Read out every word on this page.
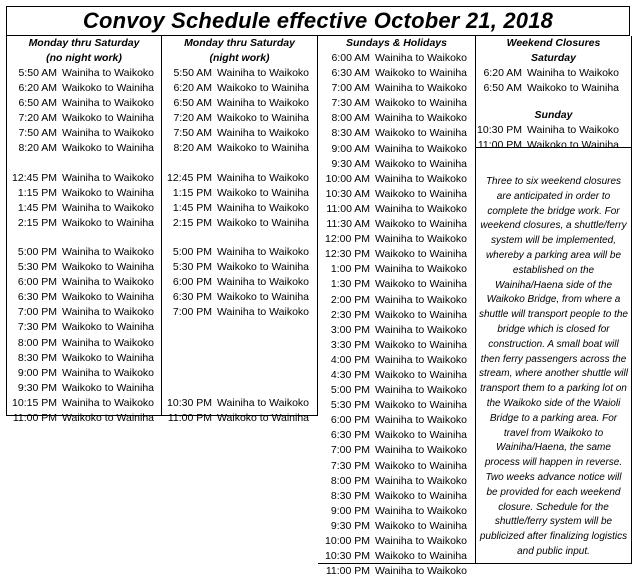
Convoy Schedule effective October 21, 2018
Monday thru Saturday
(no night work)
5:50 AM Wainiha to Waikoko
6:20 AM Waikoko to Wainiha
6:50 AM Wainiha to Waikoko
7:20 AM Waikoko to Wainiha
7:50 AM Wainiha to Waikoko
8:20 AM Waikoko to Wainiha
12:45 PM Wainiha to Waikoko
1:15 PM Waikoko to Wainiha
1:45 PM Wainiha to Waikoko
2:15 PM Waikoko to Wainiha
5:00 PM Wainiha to Waikoko
5:30 PM Waikoko to Wainiha
6:00 PM Wainiha to Waikoko
6:30 PM Waikoko to Wainiha
7:00 PM Wainiha to Waikoko
7:30 PM Waikoko to Wainiha
8:00 PM Wainiha to Waikoko
8:30 PM Waikoko to Wainiha
9:00 PM Wainiha to Waikoko
9:30 PM Waikoko to Wainiha
10:15 PM Wainiha to Waikoko
11:00 PM Waikoko to Wainiha
Monday thru Saturday
(night work)
5:50 AM Wainiha to Waikoko
6:20 AM Waikoko to Wainiha
6:50 AM Wainiha to Waikoko
7:20 AM Waikoko to Wainiha
7:50 AM Wainiha to Waikoko
8:20 AM Waikoko to Wainiha
12:45 PM Wainiha to Waikoko
1:15 PM Waikoko to Wainiha
1:45 PM Wainiha to Waikoko
2:15 PM Waikoko to Wainiha
5:00 PM Wainiha to Waikoko
5:30 PM Waikoko to Wainiha
6:00 PM Wainiha to Waikoko
6:30 PM Waikoko to Wainiha
7:00 PM Wainiha to Waikoko
10:30 PM Wainiha to Waikoko
11:00 PM Waikoko to Wainiha
Sundays & Holidays
6:00 AM Wainiha to Waikoko
6:30 AM Waikoko to Wainiha
7:00 AM Wainiha to Waikoko
7:30 AM Waikoko to Wainiha
8:00 AM Wainiha to Waikoko
8:30 AM Waikoko to Wainiha
9:00 AM Wainiha to Waikoko
9:30 AM Waikoko to Wainiha
10:00 AM Wainiha to Waikoko
10:30 AM Waikoko to Wainiha
11:00 AM Wainiha to Waikoko
11:30 AM Waikoko to Wainiha
12:00 PM Wainiha to Waikoko
12:30 PM Waikoko to Wainiha
1:00 PM Wainiha to Waikoko
1:30 PM Waikoko to Wainiha
2:00 PM Wainiha to Waikoko
2:30 PM Waikoko to Wainiha
3:00 PM Wainiha to Waikoko
3:30 PM Waikoko to Wainiha
4:00 PM Wainiha to Waikoko
4:30 PM Waikoko to Wainiha
5:00 PM Wainiha to Waikoko
5:30 PM Waikoko to Wainiha
6:00 PM Wainiha to Waikoko
6:30 PM Waikoko to Wainiha
7:00 PM Wainiha to Waikoko
7:30 PM Waikoko to Wainiha
8:00 PM Wainiha to Waikoko
8:30 PM Waikoko to Wainiha
9:00 PM Wainiha to Waikoko
9:30 PM Waikoko to Wainiha
10:00 PM Wainiha to Waikoko
10:30 PM Waikoko to Wainiha
11:00 PM Wainiha to Waikoko
Weekend Closures
Saturday
6:20 AM Wainiha to Waikoko
6:50 AM Waikoko to Wainiha
Sunday
10:30 PM Wainiha to Waikoko
11:00 PM Waikoko to Wainiha
Three to six weekend closures are anticipated in order to complete the bridge work. For weekend closures, a shuttle/ferry system will be implemented, whereby a parking area will be established on the Wainiha/Haena side of the Waikoko Bridge, from where a shuttle will transport people to the bridge which is closed for construction. A small boat will then ferry passengers across the stream, where another shuttle will transport them to a parking lot on the Waikoko side of the Waioli Bridge to a parking area. For travel from Waikoko to Wainiha/Haena, the same process will happen in reverse. Two weeks advance notice will be provided for each weekend closure. Schedule for the shuttle/ferry system will be publicized after finalizing logistics and public input.
